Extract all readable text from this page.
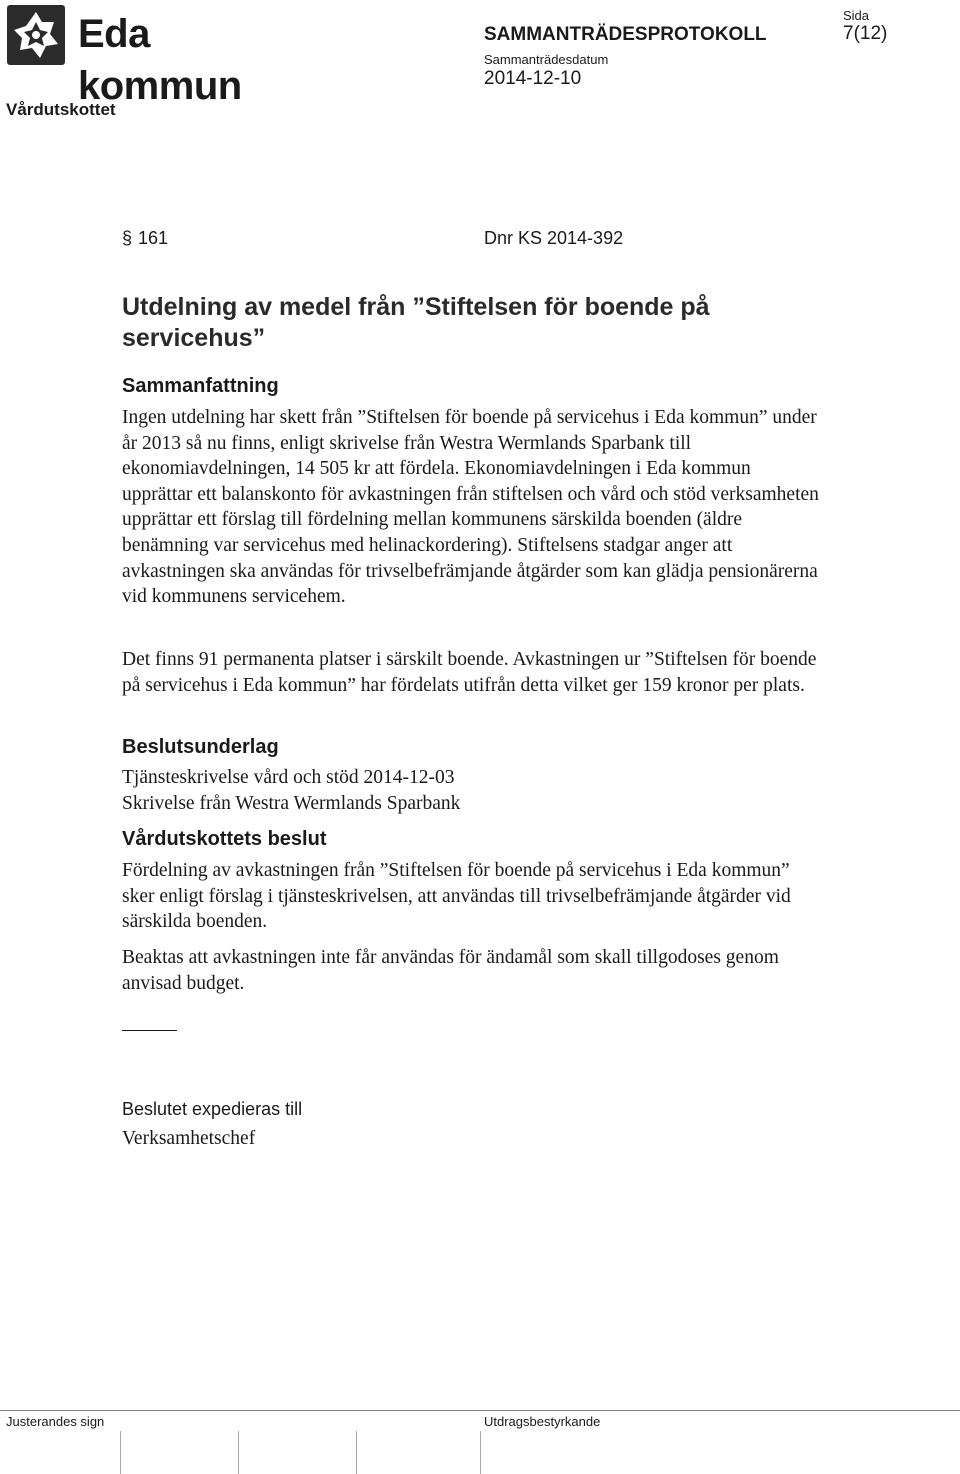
Eda kommun
SAMMANTRÄDESPROTOKOLL
Sammanträdesdatum
2014-12-10
Sida
7(12)
Vårdutskottet
§ 161	Dnr KS 2014-392
Utdelning av medel från ”Stiftelsen för boende på servicehus”
Sammanfattning
Ingen utdelning har skett från ”Stiftelsen för boende på servicehus i Eda kommun” under år 2013 så nu finns, enligt skrivelse från Westra Wermlands Sparbank till ekonomiavdelningen, 14 505 kr att fördela. Ekonomiavdelningen i Eda kommun upprättar ett balanskonto för avkastningen från stiftelsen och vård och stöd verksamheten upprättar ett förslag till fördelning mellan kommunens särskilda boenden (äldre benämning var servicehus med helinackordering). Stiftelsens stadgar anger att avkastningen ska användas för trivselbefrämjande åtgärder som kan glädja pensionärerna vid kommunens servicehem.
Det finns 91 permanenta platser i särskilt boende. Avkastningen ur ”Stiftelsen för boende på servicehus i Eda kommun” har fördelats utifrån detta vilket ger 159 kronor per plats.
Beslutsunderlag
Tjänsteskrivelse vård och stöd 2014-12-03
Skrivelse från Westra Wermlands Sparbank
Vårdutskottets beslut
Fördelning av avkastningen från ”Stiftelsen för boende på servicehus i Eda kommun” sker enligt förslag i tjänsteskrivelsen, att användas till trivselbefrämjande åtgärder vid särskilda boenden.
Beaktas att avkastningen inte får användas för ändamål som skall tillgodoses genom anvisad budget.
Beslutet expedieras till
Verksamhetschef
Justerandes sign	Utdragsbestyrkande
